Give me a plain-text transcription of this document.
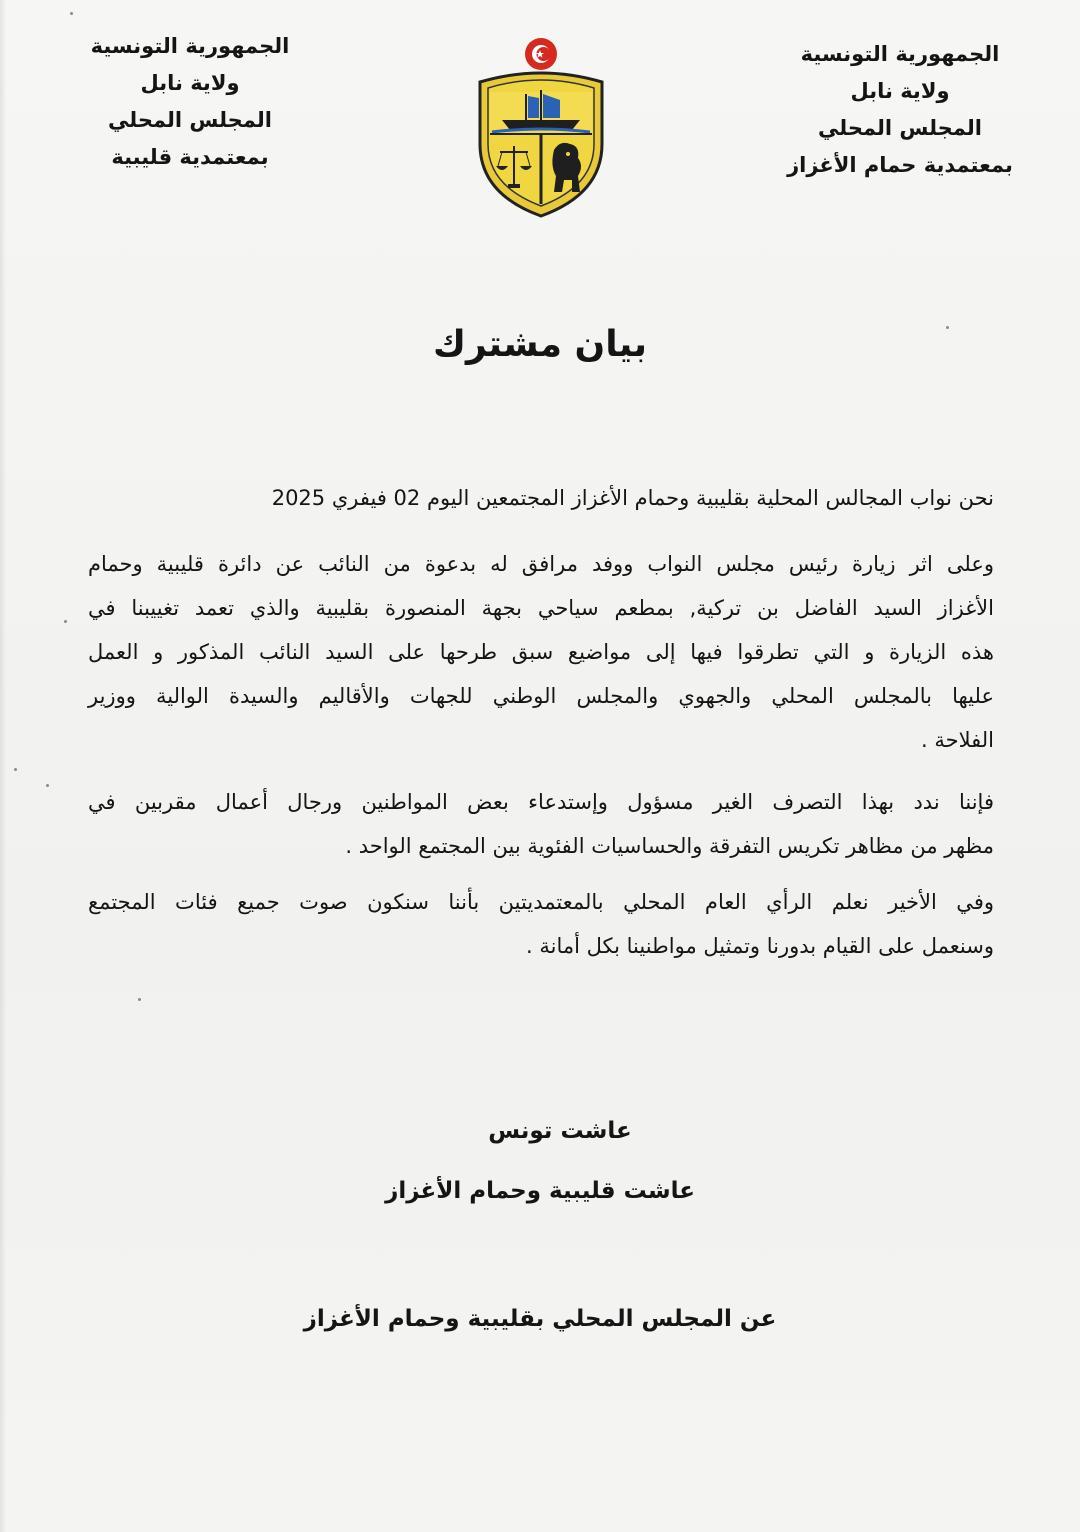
الجمهورية التونسية
ولاية نابل
المجلس المحلي
بمعتمدية حمام الأغزاز
الجمهورية التونسية
ولاية نابل
المجلس المحلي
بمعتمدية قليبية
بيان مشترك
نحن نواب المجالس المحلية بقليبية وحمام الأغزاز المجتمعين اليوم 02 فيفري 2025
وعلى اثر زيارة رئيس مجلس النواب ووفد مرافق له بدعوة من النائب عن دائرة قليبية وحمام
الأغزاز السيد الفاضل بن تركية, بمطعم سياحي بجهة المنصورة بقليبية والذي تعمد تغييبنا في
هذه الزيارة و التي تطرقوا فيها إلى مواضيع سبق طرحها على السيد النائب المذكور و العمل
عليها بالمجلس المحلي والجهوي والمجلس الوطني للجهات والأقاليم والسيدة الوالية ووزير
الفلاحة .
فإننا ندد بهذا التصرف الغير مسؤول وإستدعاء بعض المواطنين ورجال أعمال مقربين في
مظهر من مظاهر تكريس التفرقة والحساسيات الفئوية بين المجتمع الواحد .
وفي الأخير نعلم الرأي العام المحلي بالمعتمديتين بأننا سنكون صوت جميع فئات المجتمع
وسنعمل على القيام بدورنا وتمثيل مواطنينا بكل أمانة .
عاشت تونس
عاشت قليبية وحمام الأغزاز
عن المجلس المحلي بقليبية وحمام الأغزاز
